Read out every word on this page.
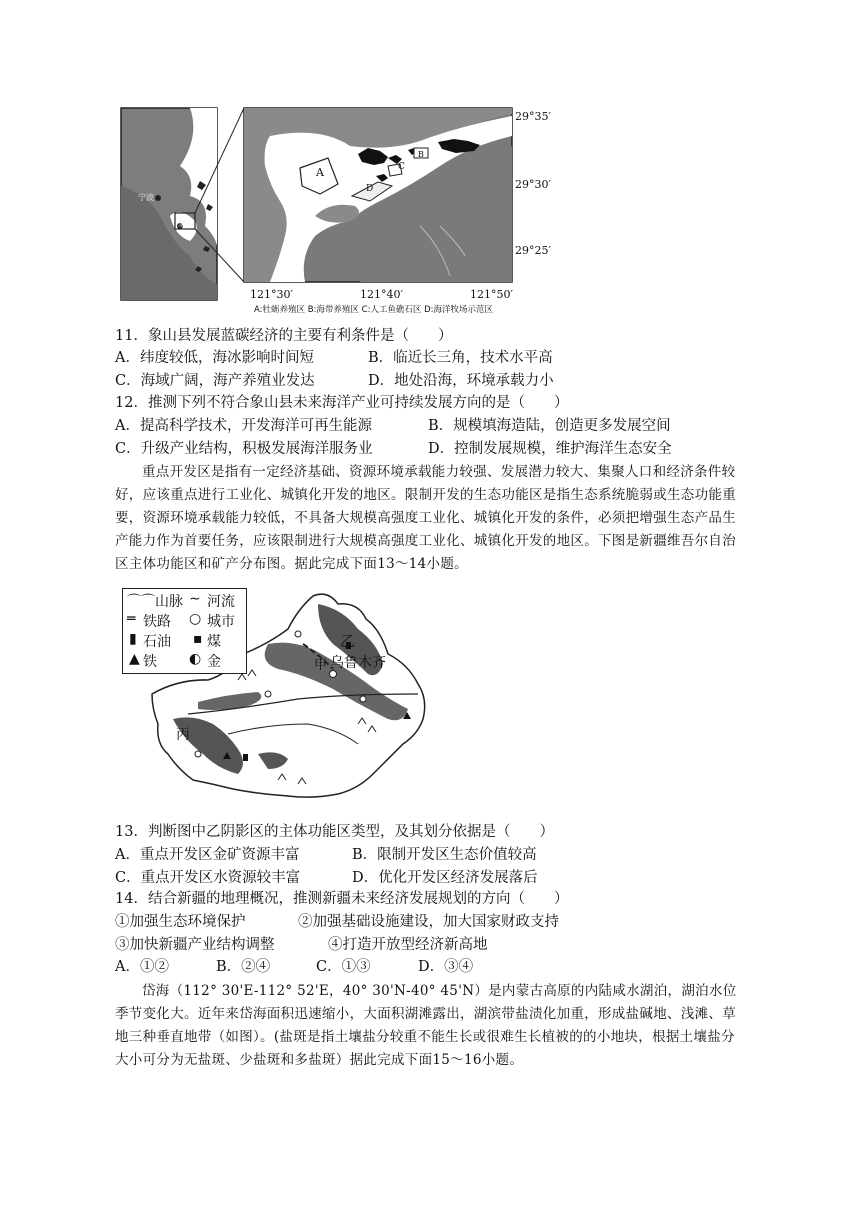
A
B
C
D
宁波
象山
29°35′
29°30′
29°25′
121°30′	121°40′	121°50′
A:牡蛎养殖区 B:海带养殖区 C:人工鱼礁石区 D:海洋牧场示范区
11．象山县发展蓝碳经济的主要有利条件是（　　）
A．纬度较低，海冰影响时间短	B．临近长三角，技术水平高
C．海域广阔，海产养殖业发达	D．地处沿海，环境承载力小
12．推测下列不符合象山县未来海洋产业可持续发展方向的是（　　）
A．提高科学技术，开发海洋可再生能源	B．规模填海造陆，创造更多发展空间
C．升级产业结构，积极发展海洋服务业	D．控制发展规模，维护海洋生态安全
重点开发区是指有一定经济基础、资源环境承载能力较强、发展潜力较大、集聚人口和经济条件较好，应该重点进行工业化、城镇化开发的地区。限制开发的生态功能区是指生态系统脆弱或生态功能重要，资源环境承载能力较低，不具备大规模高强度工业化、城镇化开发的条件，必须把增强生态产品生产能力作为首要任务，应该限制进行大规模高强度工业化、城镇化开发的地区。下图是新疆维吾尔自治区主体功能区和矿产分布图。据此完成下面13～14小题。
乙
甲 乌鲁木齐
丙
⌒⌒ 山脉 ∼ 河流
═ 铁路 ○ 城市
▮ 石油 ▪ 煤
▲ 铁 ◐ 金
13．判断图中乙阴影区的主体功能区类型，及其划分依据是（　　）
A．重点开发区金矿资源丰富	B．限制开发区生态价值较高
C．重点开发区水资源较丰富	D．优化开发区经济发展落后
14．结合新疆的地理概况，推测新疆未来经济发展规划的方向（　　）
①加强生态环境保护	②加强基础设施建设，加大国家财政支持
③加快新疆产业结构调整	④打造开放型经济新高地
A．①②	B．②④	C．①③	D．③④
岱海（112° 30'E-112° 52'E，40° 30'N-40° 45'N）是内蒙古高原的内陆咸水湖泊，湖泊水位季节变化大。近年来岱海面积迅速缩小，大面积湖滩露出，湖滨带盐渍化加重，形成盐碱地、浅滩、草地三种垂直地带（如图）。(盐斑是指土壤盐分较重不能生长或很难生长植被的的小地块，根据土壤盐分大小可分为无盐斑、少盐斑和多盐斑）据此完成下面15～16小题。
